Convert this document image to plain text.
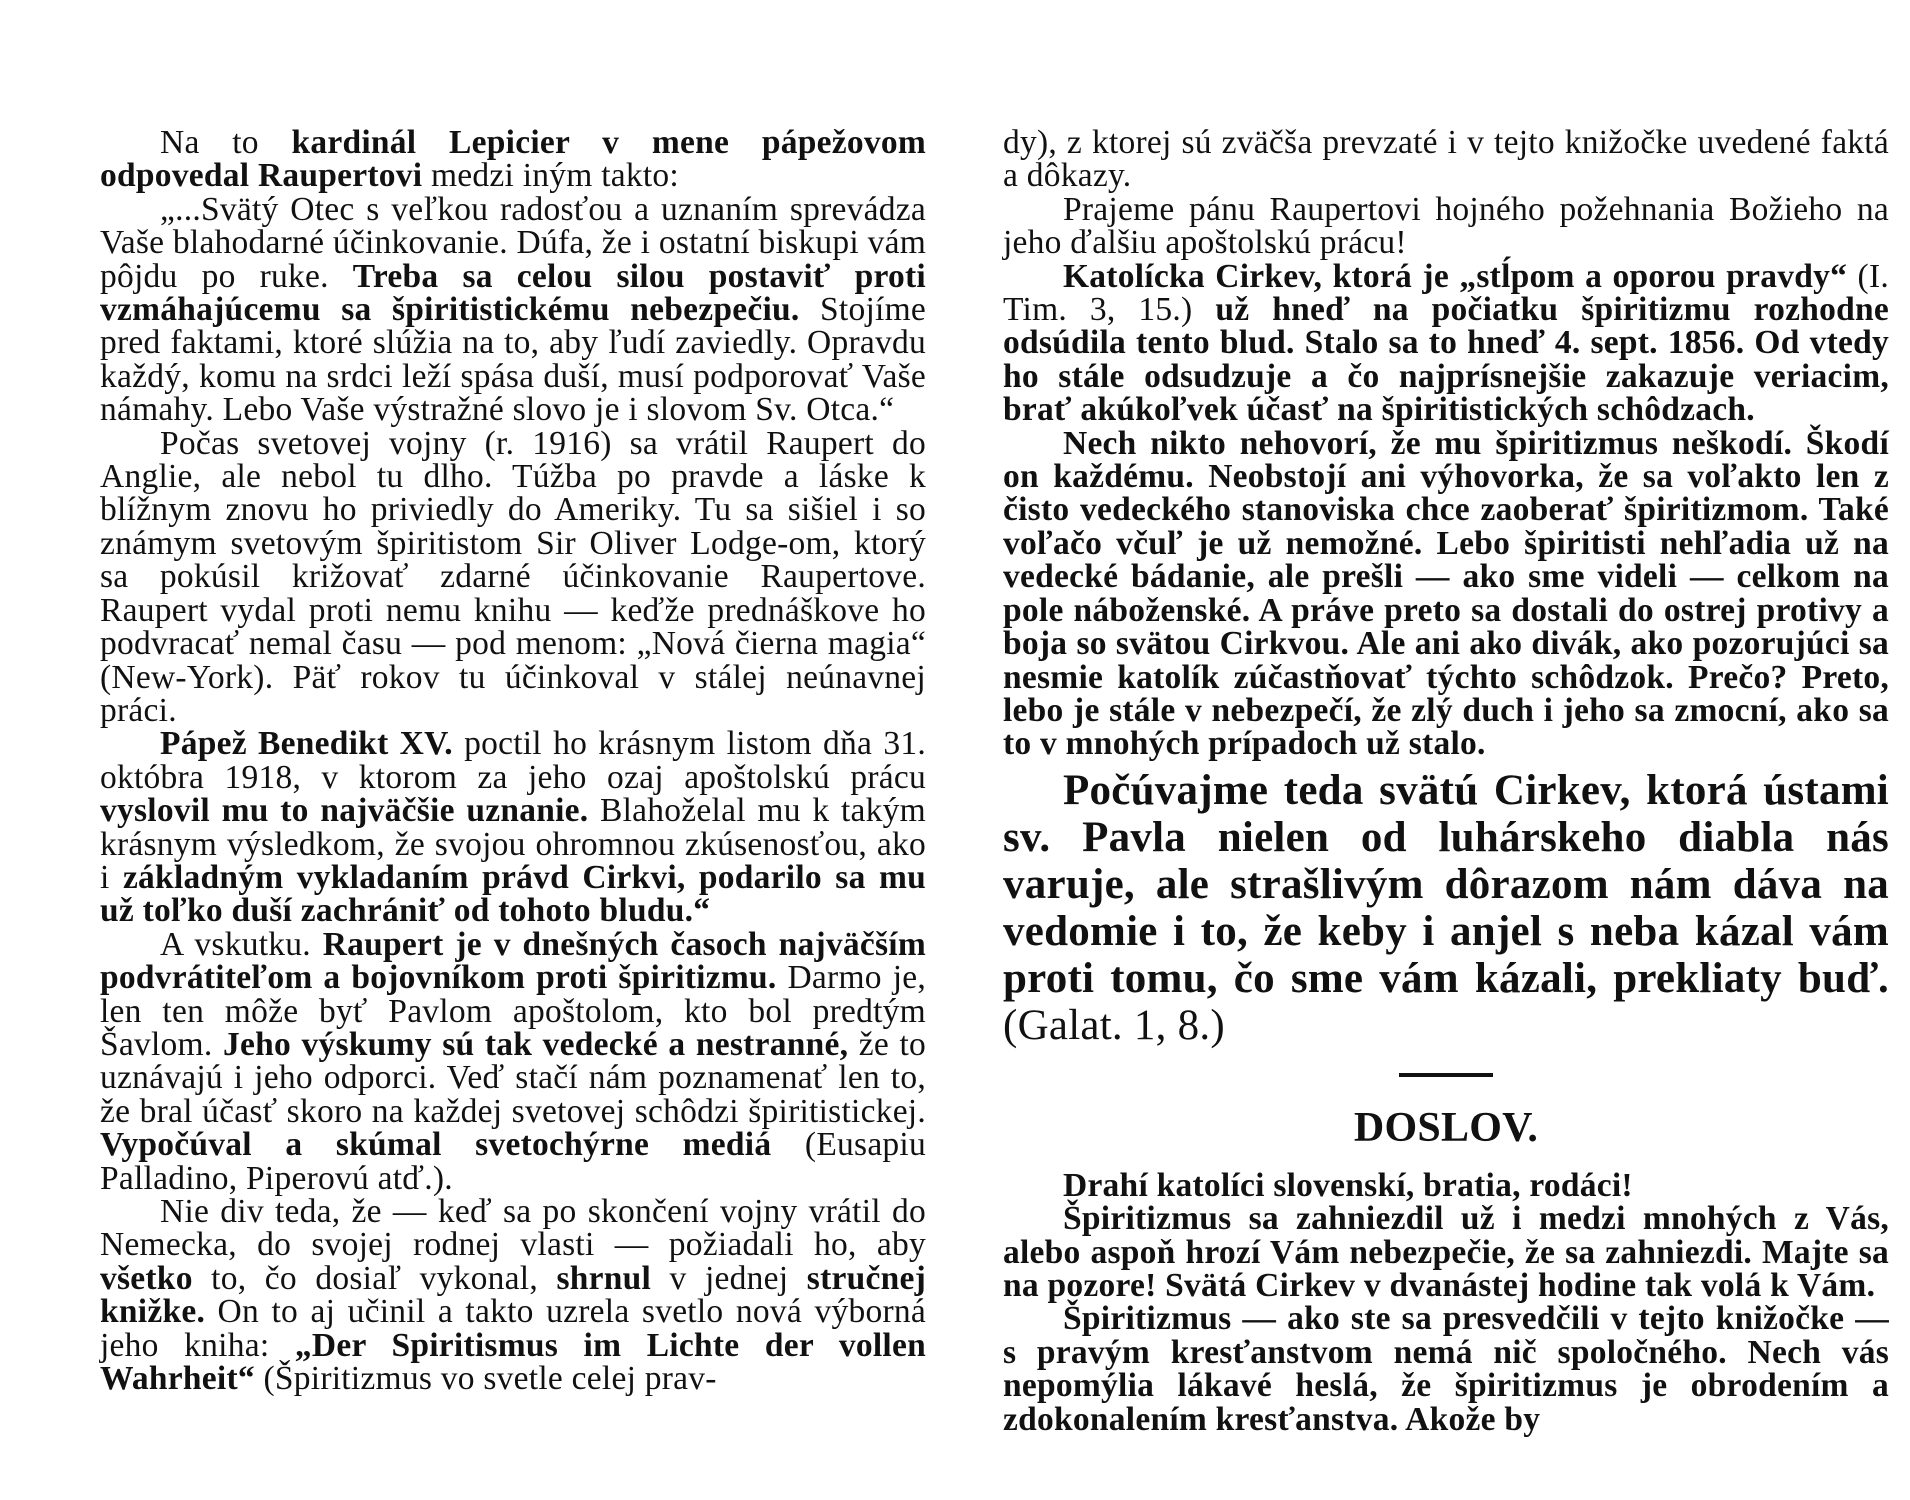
Na to kardinál Lepicier v mene pápežovom odpovedal Raupertovi medzi iným takto:

„...Svätý Otec s veľkou radosťou a uznaním sprevádza Vaše blahodarné účinkovanie. Dúfa, že i ostatní biskupi vám pôjdu po ruke. Treba sa celou silou postaviť proti vzmáhajúcemu sa špiritistickému nebezpečiu. Stojíme pred faktami, ktoré slúžia na to, aby ľudí zaviedly. Opravdu každý, komu na srdci leží spása duší, musí podporovať Vaše námahy. Lebo Vaše výstražné slovo je i slovom Sv. Otca.“

Počas svetovej vojny (r. 1916) sa vrátil Raupert do Anglie, ale nebol tu dlho. Túžba po pravde a láske k blížnym znovu ho priviedly do Ameriky. Tu sa sišiel i so známym svetovým špiritistom Sir Oliver Lodge-om, ktorý sa pokúsil križovať zdarné účinkovanie Raupertove. Raupert vydal proti nemu knihu — keďže prednáškove ho podvracať nemal času — pod menom: „Nová čierna magia“ (New-York). Päť rokov tu účinkoval v stálej neúnavnej práci.

Pápež Benedikt XV. poctil ho krásnym listom dňa 31. októbra 1918, v ktorom za jeho ozaj apoštolskú prácu vyslovil mu to najväčšie uznanie. Blahoželal mu k takým krásnym výsledkom, že svojou ohromnou zkúsenosťou, ako i základným vykladaním právd Cirkvi, podarilo sa mu už toľko duší zachrániť od tohoto bludu.“

A vskutku. Raupert je v dnešných časoch najväčším podvrátiteľom a bojovníkom proti špiritizmu. Darmo je, len ten môže byť Pavlom apoštolom, kto bol predtým Šavlom. Jeho výskumy sú tak vedecké a nestranné, že to uznávajú i jeho odporci. Veď stačí nám poznamenať len to, že bral účasť skoro na každej svetovej schôdzi špiritistickej. Vypočúval a skúmal svetochýrne mediá (Eusapiu Palladino, Piperovú atď.).

Nie div teda, že — keď sa po skončení vojny vrátil do Nemecka, do svojej rodnej vlasti — požiadali ho, aby všetko to, čo dosiaľ vykonal, shrnul v jednej stručnej knižke. On to aj učinil a takto uzrela svetlo nová výborná jeho kniha: „Der Spiritismus im Lichte der vollen Wahrheit“ (Špiritizmus vo svetle celej prav-

dy), z ktorej sú zväčša prevzaté i v tejto knižočke uvedené faktá a dôkazy.

Prajeme pánu Raupertovi hojného požehnania Božieho na jeho ďalšiu apoštolskú prácu!

Katolícka Cirkev, ktorá je „stĺpom a oporou pravdy“ (I. Tim. 3, 15.) už hneď na počiatku špiritizmu rozhodne odsúdila tento blud. Stalo sa to hneď 4. sept. 1856. Od vtedy ho stále odsudzuje a čo najprísnejšie zakazuje veriacim, brať akúkoľvek účasť na špiritistických schôdzach.

Nech nikto nehovorí, že mu špiritizmus neškodí. Škodí on každému. Neobstojí ani výhovorka, že sa voľakto len z čisto vedeckého stanoviska chce zaoberať špiritizmom. Také voľačo včuľ je už nemožné. Lebo špiritisti nehľadia už na vedecké bádanie, ale prešli — ako sme videli — celkom na pole náboženské. A práve preto sa dostali do ostrej protivy a boja so svätou Cirkvou. Ale ani ako divák, ako pozorujúci sa nesmie katolík zúčastňovať týchto schôdzok. Prečo? Preto, lebo je stále v nebezpečí, že zlý duch i jeho sa zmocní, ako sa to v mnohých prípadoch už stalo.

Počúvajme teda svätú Cirkev, ktorá ústami sv. Pavla nielen od luhárskeho diabla nás varuje, ale strašlivým dôrazom nám dáva na vedomie i to, že keby i anjel s neba kázal vám proti tomu, čo sme vám kázali, prekliaty buď. (Galat. 1, 8.)

DOSLOV.

Drahí katolíci slovenskí, bratia, rodáci!

Špiritizmus sa zahniezdil už i medzi mnohých z Vás, alebo aspoň hrozí Vám nebezpečie, že sa zahniezdi. Majte sa na pozore! Svätá Cirkev v dvanástej hodine tak volá k Vám.

Špiritizmus — ako ste sa presvedčili v tejto knižočke — s pravým kresťanstvom nemá nič spoločného. Nech vás nepomýlia lákavé heslá, že špiritizmus je obrodením a zdokonalením kresťanstva. Akože by
